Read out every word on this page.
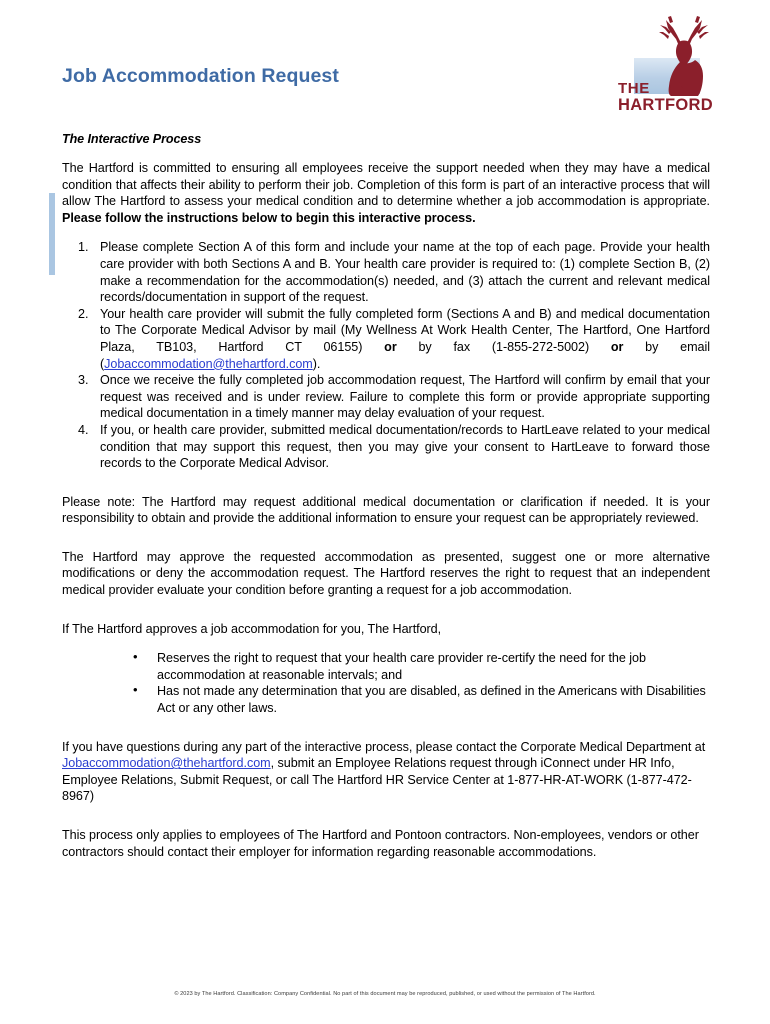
Job Accommodation Request
THE
HARTFORD
The Interactive Process

The Hartford is committed to ensuring all employees receive the support needed when they may have a medical condition that affects their ability to perform their job. Completion of this form is part of an interactive process that will allow The Hartford to assess your medical condition and to determine whether a job accommodation is appropriate. Please follow the instructions below to begin this interactive process.

1. Please complete Section A of this form and include your name at the top of each page. Provide your health care provider with both Sections A and B. Your health care provider is required to: (1) complete Section B, (2) make a recommendation for the accommodation(s) needed, and (3) attach the current and relevant medical records/documentation in support of the request.
2. Your health care provider will submit the fully completed form (Sections A and B) and medical documentation to The Corporate Medical Advisor by mail (My Wellness At Work Health Center, The Hartford, One Hartford Plaza, TB103, Hartford CT 06155) or by fax (1-855-272-5002) or by email (Jobaccommodation@thehartford.com).
3. Once we receive the fully completed job accommodation request, The Hartford will confirm by email that your request was received and is under review. Failure to complete this form or provide appropriate supporting medical documentation in a timely manner may delay evaluation of your request.
4. If you, or health care provider, submitted medical documentation/records to HartLeave related to your medical condition that may support this request, then you may give your consent to HartLeave to forward those records to the Corporate Medical Advisor.

Please note: The Hartford may request additional medical documentation or clarification if needed. It is your responsibility to obtain and provide the additional information to ensure your request can be appropriately reviewed.

The Hartford may approve the requested accommodation as presented, suggest one or more alternative modifications or deny the accommodation request. The Hartford reserves the right to request that an independent medical provider evaluate your condition before granting a request for a job accommodation.

If The Hartford approves a job accommodation for you, The Hartford,

• Reserves the right to request that your health care provider re-certify the need for the job accommodation at reasonable intervals; and
• Has not made any determination that you are disabled, as defined in the Americans with Disabilities Act or any other laws.

If you have questions during any part of the interactive process, please contact the Corporate Medical Department at Jobaccommodation@thehartford.com, submit an Employee Relations request through iConnect under HR Info, Employee Relations, Submit Request, or call The Hartford HR Service Center at 1-877-HR-AT-WORK (1-877-472-8967)

This process only applies to employees of The Hartford and Pontoon contractors. Non-employees, vendors or other contractors should contact their employer for information regarding reasonable accommodations.

© 2023 by The Hartford. Classification: Company Confidential. No part of this document may be reproduced, published, or used without the permission of The Hartford.
